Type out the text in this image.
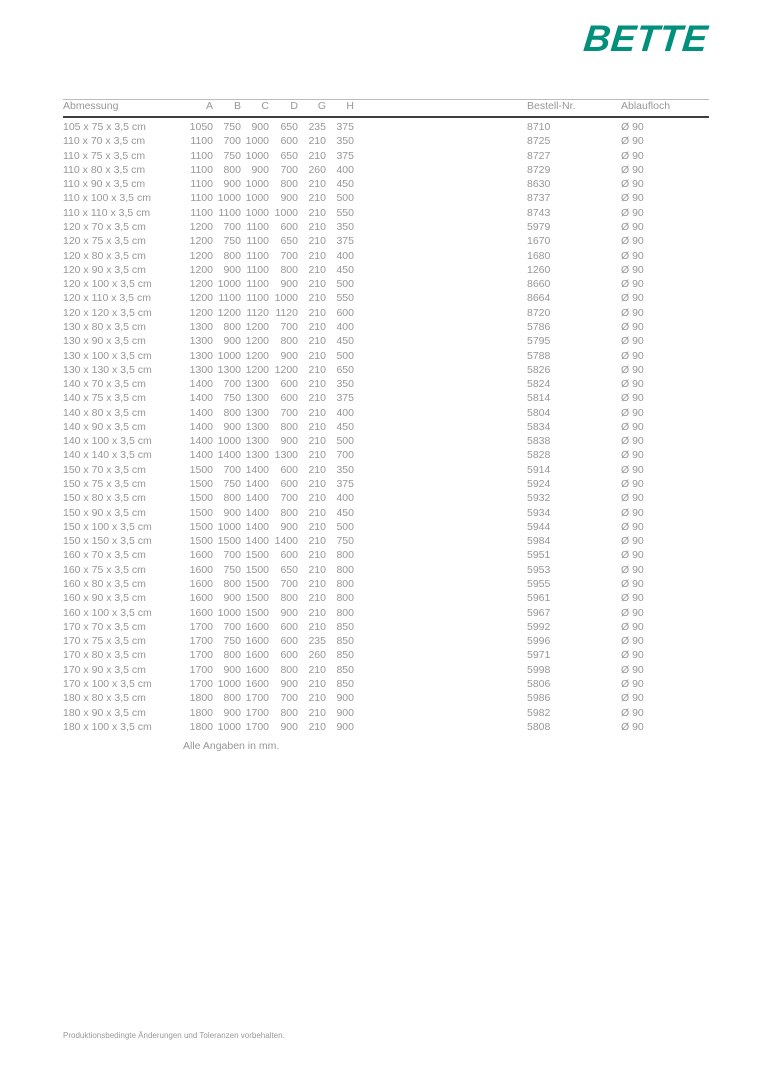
BETTE
Abmessung	A	B	C	D	G	H		Bestell-Nr.	Ablaufloch
105 x 75 x 3,5 cm	1050	750	900	650	235	375		8710	Ø 90
110 x 70 x 3,5 cm	1100	700	1000	600	210	350		8725	Ø 90
110 x 75 x 3,5 cm	1100	750	1000	650	210	375		8727	Ø 90
110 x 80 x 3,5 cm	1100	800	900	700	260	400		8729	Ø 90
110 x 90 x 3,5 cm	1100	900	1000	800	210	450		8630	Ø 90
110 x 100 x 3,5 cm	1100	1000	1000	900	210	500		8737	Ø 90
110 x 110 x 3,5 cm	1100	1100	1000	1000	210	550		8743	Ø 90
120 x 70 x 3,5 cm	1200	700	1100	600	210	350		5979	Ø 90
120 x 75 x 3,5 cm	1200	750	1100	650	210	375		1670	Ø 90
120 x 80 x 3,5 cm	1200	800	1100	700	210	400		1680	Ø 90
120 x 90 x 3,5 cm	1200	900	1100	800	210	450		1260	Ø 90
120 x 100 x 3,5 cm	1200	1000	1100	900	210	500		8660	Ø 90
120 x 110 x 3,5 cm	1200	1100	1100	1000	210	550		8664	Ø 90
120 x 120 x 3,5 cm	1200	1200	1120	1120	210	600		8720	Ø 90
130 x 80 x 3,5 cm	1300	800	1200	700	210	400		5786	Ø 90
130 x 90 x 3,5 cm	1300	900	1200	800	210	450		5795	Ø 90
130 x 100 x 3,5 cm	1300	1000	1200	900	210	500		5788	Ø 90
130 x 130 x 3,5 cm	1300	1300	1200	1200	210	650		5826	Ø 90
140 x 70 x 3,5 cm	1400	700	1300	600	210	350		5824	Ø 90
140 x 75 x 3,5 cm	1400	750	1300	600	210	375		5814	Ø 90
140 x 80 x 3,5 cm	1400	800	1300	700	210	400		5804	Ø 90
140 x 90 x 3,5 cm	1400	900	1300	800	210	450		5834	Ø 90
140 x 100 x 3,5 cm	1400	1000	1300	900	210	500		5838	Ø 90
140 x 140 x 3,5 cm	1400	1400	1300	1300	210	700		5828	Ø 90
150 x 70 x 3,5 cm	1500	700	1400	600	210	350		5914	Ø 90
150 x 75 x 3,5 cm	1500	750	1400	600	210	375		5924	Ø 90
150 x 80 x 3,5 cm	1500	800	1400	700	210	400		5932	Ø 90
150 x 90 x 3,5 cm	1500	900	1400	800	210	450		5934	Ø 90
150 x 100 x 3,5 cm	1500	1000	1400	900	210	500		5944	Ø 90
150 x 150 x 3,5 cm	1500	1500	1400	1400	210	750		5984	Ø 90
160 x 70 x 3,5 cm	1600	700	1500	600	210	800		5951	Ø 90
160 x 75 x 3,5 cm	1600	750	1500	650	210	800		5953	Ø 90
160 x 80 x 3,5 cm	1600	800	1500	700	210	800		5955	Ø 90
160 x 90 x 3,5 cm	1600	900	1500	800	210	800		5961	Ø 90
160 x 100 x 3,5 cm	1600	1000	1500	900	210	800		5967	Ø 90
170 x 70 x 3,5 cm	1700	700	1600	600	210	850		5992	Ø 90
170 x 75 x 3,5 cm	1700	750	1600	600	235	850		5996	Ø 90
170 x 80 x 3,5 cm	1700	800	1600	600	260	850		5971	Ø 90
170 x 90 x 3,5 cm	1700	900	1600	800	210	850		5998	Ø 90
170 x 100 x 3,5 cm	1700	1000	1600	900	210	850		5806	Ø 90
180 x 80 x 3,5 cm	1800	800	1700	700	210	900		5986	Ø 90
180 x 90 x 3,5 cm	1800	900	1700	800	210	900		5982	Ø 90
180 x 100 x 3,5 cm	1800	1000	1700	900	210	900		5808	Ø 90
Alle Angaben in mm.
Produktionsbedingte Änderungen und Toleranzen vorbehalten.
